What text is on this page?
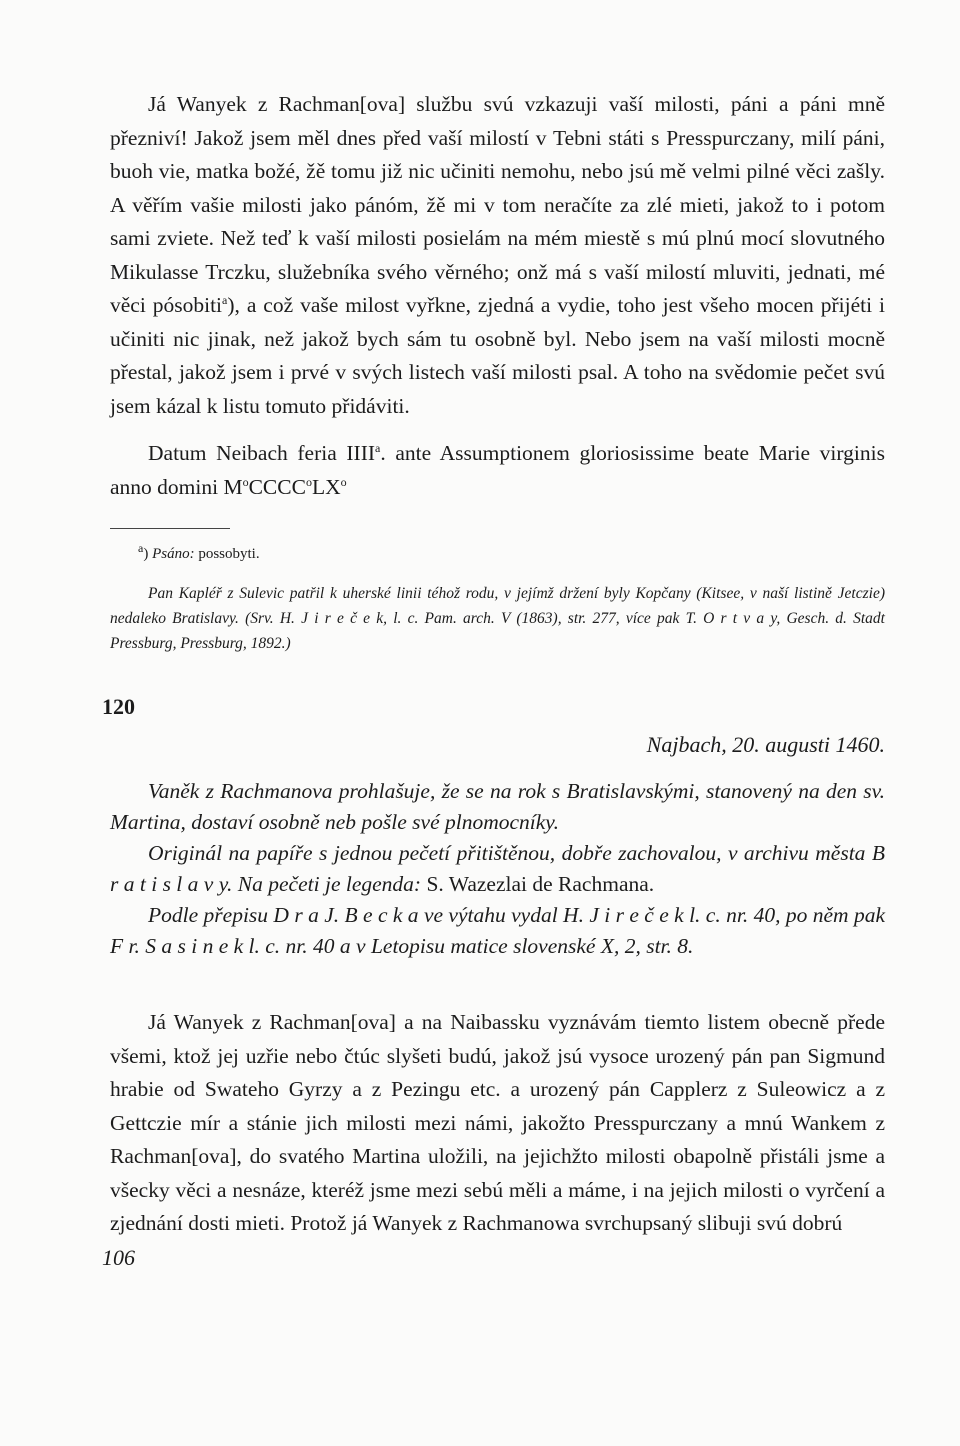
Já Wanyek z Rachman[ova] službu svú vzkazuji vaší milosti, páni a páni mně přezniví! Jakož jsem měl dnes před vaší milostí v Tebni státi s Presspurczany, milí páni, buoh vie, matka božé, žě tomu již nic učiniti nemohu, nebo jsú mě velmi pilné věci zašly. A věřím vašie milosti jako pánóm, žě mi v tom neračíte za zlé mieti, jakož to i potom sami zviete. Než teď k vaší milosti posielám na mém miestě s mú plnú mocí slovutného Mikulasse Trczku, služebníka svého věrného; onž má s vaší milostí mluviti, jednati, mé věci pósobiti$^a$), a což vaše milost vyřkne, zjedná a vydie, toho jest všeho mocen přijéti i učiniti nic jinak, než jakož bych sám tu osobně byl. Nebo jsem na vaší milosti mocně přestal, jakož jsem i prvé v svých listech vaší milosti psal. A toho na svědomie pečet svú jsem kázal k listu tomuto přidáviti.

Datum Neibach feria IIII$^a$. ante Assumptionem gloriosissime beate Marie virginis anno domini $M^oCCCC^oLX^o$

$^a$) Psáno: possobyti.

Pan Kapléř z Sulevic patřil k uherské linii téhož rodu, v jejímž držení byly Kopčany (Kitsee, v naší listině Jetczie) nedaleko Bratislavy. (Srv. H. J i r e č e k, l. c. Pam. arch. V (1863), str. 277, více pak T. O r t v a y, Gesch. d. Stadt Pressburg, Pressburg, 1892.)

120

Najbach, 20. augusti 1460.

Vaněk z Rachmanova prohlašuje, že se na rok s Bratislavskými, stanovený na den sv. Martina, dostaví osobně neb pošle své plnomocníky.

Originál na papíře s jednou pečetí přitištěnou, dobře zachovalou, v archivu města B r a t i s l a v y. Na pečeti je legenda: S. Wazezlai de Rachmana.

Podle přepisu D r a J. B e c k a ve výtahu vydal H. J i r e č e k l. c. nr. 40, po něm pak F r. S a s i n e k l. c. nr. 40 a v Letopisu matice slovenské X, 2, str. 8.

Já Wanyek z Rachman[ova] a na Naibassku vyznávám tiemto listem obecně přede všemi, ktož jej uzřie nebo čtúc slyšeti budú, jakož jsú vysoce urozený pán pan Sigmund hrabie od Swateho Gyrzy a z Pezingu etc. a urozený pán Capplerz z Suleowicz a z Gettczie mír a stánie jich milosti mezi námi, jakožto Presspurczany a mnú Wankem z Rachman[ova], do svatého Martina uložili, na jejichžto milosti obapolně přistáli jsme a všecky věci a nesnáze, kteréž jsme mezi sebú měli a máme, i na jejich milosti o vyrčení a zjednání dosti mieti. Protož já Wanyek z Rachmanowa svrchupsaný slibuji svú dobrú

106
